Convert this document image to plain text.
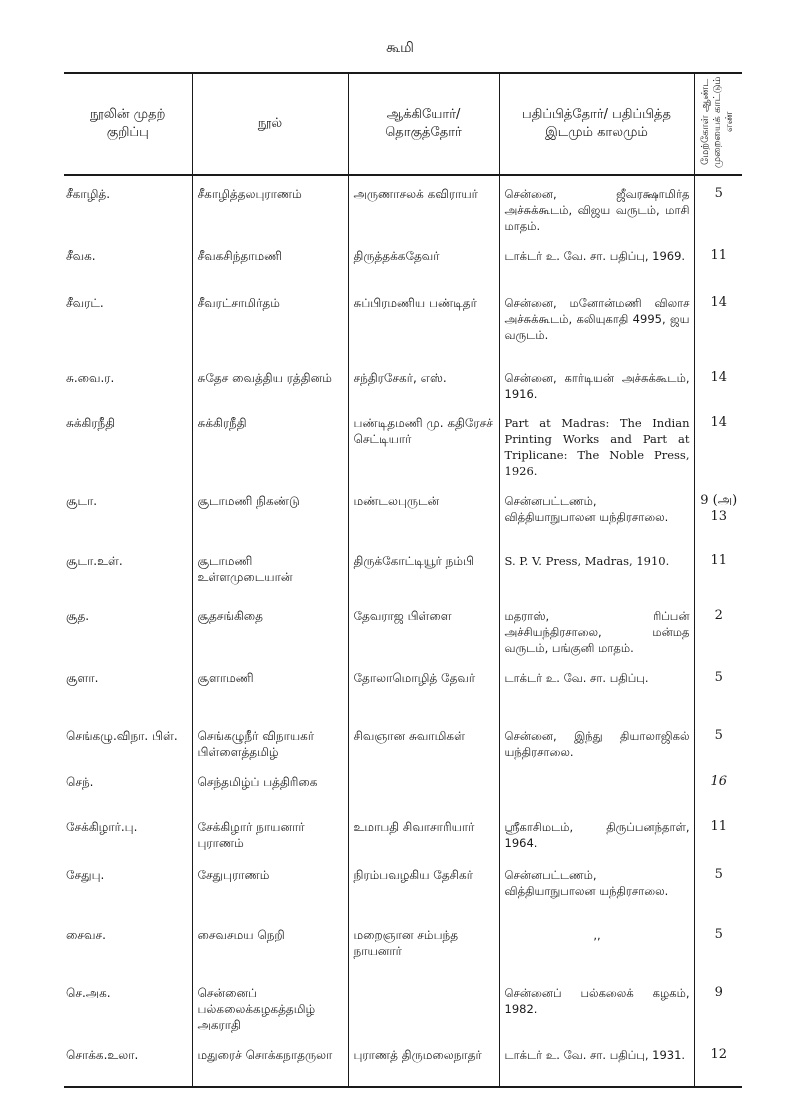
கூமி
நூலின் முதற் குறிப்பு	நூல்	ஆக்கியோர்/ தொகுத்தோர்	பதிப்பித்தோர்/ பதிப்பித்த இடமும் காலமும்	மேற்கோள் ஆண்ட முறையைக் காட்டும் எண்
சீகாழித்.	சீகாழித்தலபுராணம்	அருணாசலக் கவிராயர்	சென்னை, ஜீவரக்ஷாமிர்த அச்சுக்கூடம், விஜய வருடம், மாசி மாதம்.	5
சீவக.	சீவகசிந்தாமணி	திருத்தக்கதேவர்	டாக்டர் உ. வே. சா. பதிப்பு, 1969.	11
சீவரட்.	சீவரட்சாமிர்தம்	சுப்பிரமணிய பண்டிதர்	சென்னை, மனோன்மணி விலாச அச்சுக்கூடம், கலியுகாதி 4995, ஜய வருடம்.	14
சு.வை.ர.	சுதேச வைத்திய ரத்தினம்	சந்திரசேகர், எஸ்.	சென்னை, கார்டியன் அச்சுக்கூடம், 1916.	14
சுக்கிரநீதி	சுக்கிரநீதி	பண்டிதமணி மு. கதிரேசச் செட்டியார்	Part at Madras: The Indian Printing Works and Part at Triplicane: The Noble Press, 1926.	14
சூடா.	சூடாமணி நிகண்டு	மண்டலபுருடன்	சென்னபட்டணம், வித்தியாநுபாலன யந்திரசாலை.	9 (அ) 13
சூடா.உள்.	சூடாமணி உள்ளமுடையான்	திருக்கோட்டியூர் நம்பி	S. P. V. Press, Madras, 1910.	11
சூத.	சூதசங்கிதை	தேவராஜ பிள்ளை	மதராஸ், ரிப்பன் அச்சியந்திரசாலை, மன்மத வருடம், பங்குனி மாதம்.	2
சூளா.	சூளாமணி	தோலாமொழித் தேவர்	டாக்டர் உ. வே. சா. பதிப்பு.	5
செங்கழு.விநா. பிள்.	செங்கழுநீர் விநாயகர் பிள்ளைத்தமிழ்	சிவஞான சுவாமிகள்	சென்னை, இந்து தியாலாஜிகல் யந்திரசாலை.	5
செந்.	செந்தமிழ்ப் பத்திரிகை			16
சேக்கிழார்.பு.	சேக்கிழார் நாயனார் புராணம்	உமாபதி சிவாசாரியார்	ஸ்ரீகாசிமடம், திருப்பனந்தாள், 1964.	11
சேதுபு.	சேதுபுராணம்	நிரம்பவழகிய தேசிகர்	சென்னபட்டணம், வித்தியாநுபாலன யந்திரசாலை.	5
சைவச.	சைவசமய நெறி	மறைஞான சம்பந்த நாயனார்	,,	5
செ.அக.	சென்னைப் பல்கலைக்கழகத்தமிழ் அகராதி		சென்னைப் பல்கலைக் கழகம், 1982.	9
சொக்க.உலா.	மதுரைச் சொக்கநாதருலா	புராணத் திருமலைநாதர்	டாக்டர் உ. வே. சா. பதிப்பு, 1931.	12
